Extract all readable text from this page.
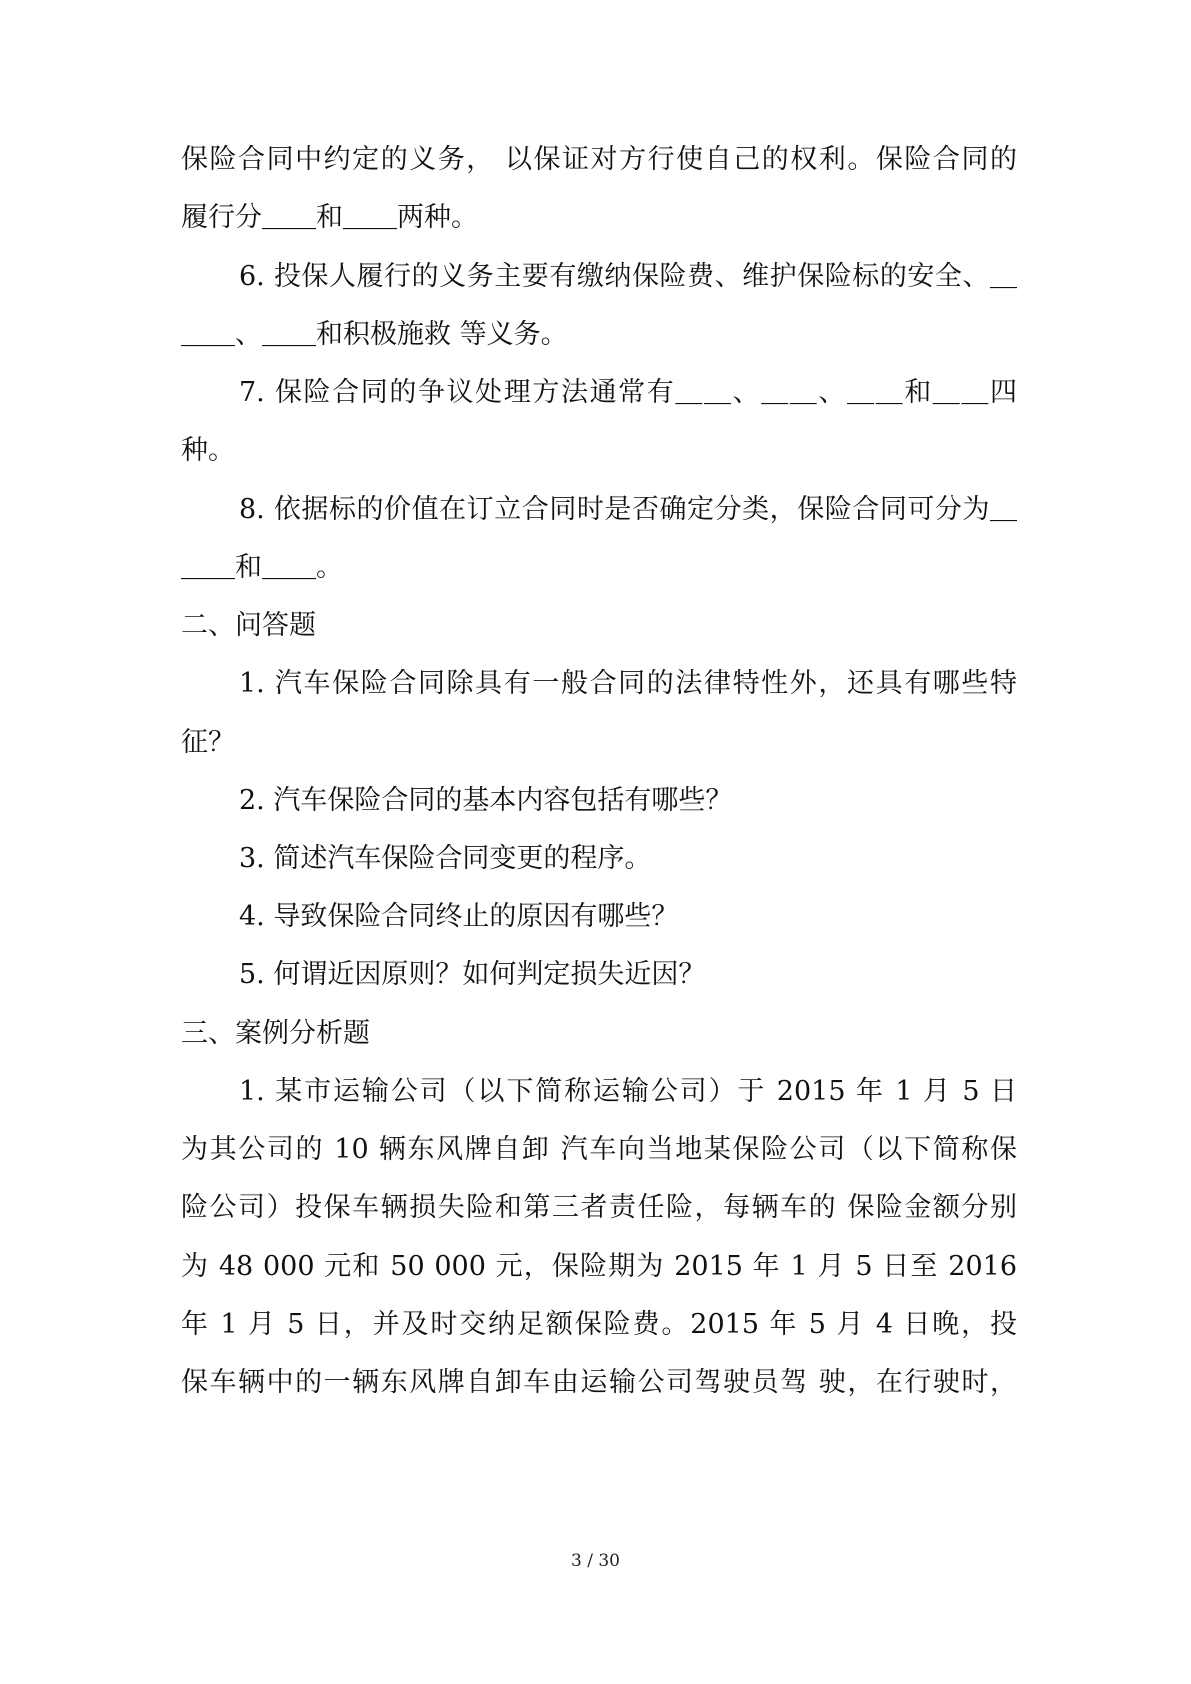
保险合同中约定的义务， 以保证对方行使自己的权利。保险合同的
履行分＿＿和＿＿两种。
6. 投保人履行的义务主要有缴纳保险费、维护保险标的安全、＿
＿＿、＿＿和积极施救 等义务。
7. 保险合同的争议处理方法通常有＿＿、＿＿、＿＿和＿＿四
种。
8. 依据标的价值在订立合同时是否确定分类，保险合同可分为＿
＿＿和＿＿。
二、问答题
1. 汽车保险合同除具有一般合同的法律特性外，还具有哪些特
征？
2. 汽车保险合同的基本内容包括有哪些？
3. 简述汽车保险合同变更的程序。
4. 导致保险合同终止的原因有哪些？
5. 何谓近因原则？如何判定损失近因？
三、案例分析题
1. 某市运输公司（以下简称运输公司）于 2015 年 1 月 5 日
为其公司的 10 辆东风牌自卸 汽车向当地某保险公司（以下简称保
险公司）投保车辆损失险和第三者责任险，每辆车的 保险金额分别
为 48 000 元和 50 000 元，保险期为 2015 年 1 月 5 日至 2016
年 1 月 5 日，并及时交纳足额保险费。2015 年 5 月 4 日晚，投
保车辆中的一辆东风牌自卸车由运输公司驾驶员驾 驶，在行驶时，
3 / 30
